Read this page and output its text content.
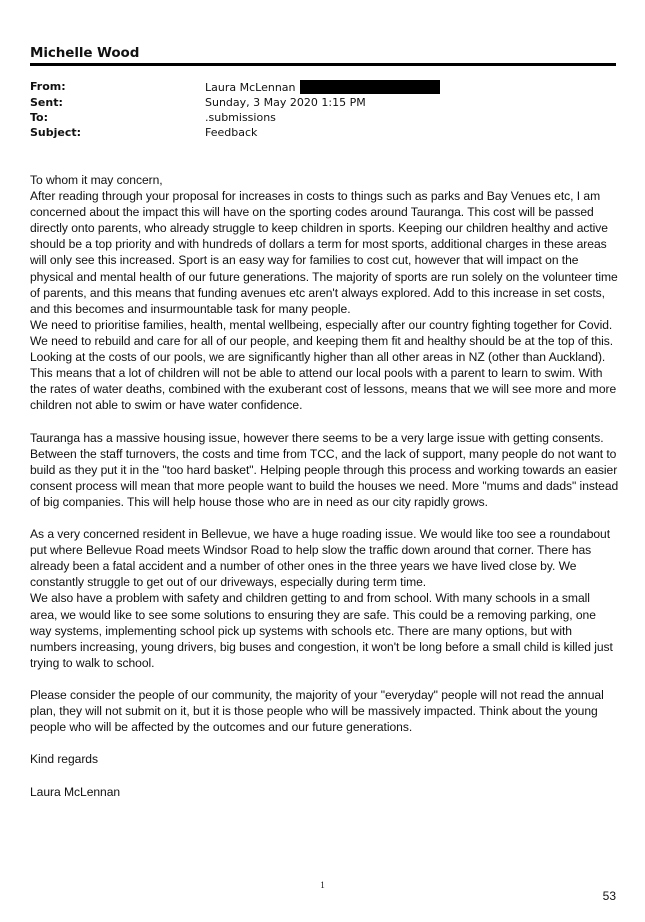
Michelle Wood
From:	Laura McLennan
Sent:	Sunday, 3 May 2020 1:15 PM
To:	.submissions
Subject:	Feedback

To whom it may concern,

After reading through your proposal for increases in costs to things such as parks and Bay Venues etc, I am concerned about the impact this will have on the sporting codes around Tauranga. This cost will be passed directly onto parents, who already struggle to keep children in sports. Keeping our children healthy and active should be a top priority and with hundreds of dollars a term for most sports, additional charges in these areas will only see this increased. Sport is an easy way for families to cost cut, however that will impact on the physical and mental health of our future generations. The majority of sports are run solely on the volunteer time of parents, and this means that funding avenues etc aren't always explored. Add to this increase in set costs, and this becomes and insurmountable task for many people.

We need to prioritise families, health, mental wellbeing, especially after our country fighting together for Covid. We need to rebuild and care for all of our people, and keeping them fit and healthy should be at the top of this.

Looking at the costs of our pools, we are significantly higher than all other areas in NZ (other than Auckland). This means that a lot of children will not be able to attend our local pools with a parent to learn to swim. With the rates of water deaths, combined with the exuberant cost of lessons, means that we will see more and more children not able to swim or have water confidence.

Tauranga has a massive housing issue, however there seems to be a very large issue with getting consents. Between the staff turnovers, the costs and time from TCC, and the lack of support, many people do not want to build as they put it in the "too hard basket". Helping people through this process and working towards an easier consent process will mean that more people want to build the houses we need. More "mums and dads" instead of big companies. This will help house those who are in need as our city rapidly grows.

As a very concerned resident in Bellevue, we have a huge roading issue. We would like too see a roundabout put where Bellevue Road meets Windsor Road to help slow the traffic down around that corner. There has already been a fatal accident and a number of other ones in the three years we have lived close by. We constantly struggle to get out of our driveways, especially during term time.

We also have a problem with safety and children getting to and from school. With many schools in a small area, we would like to see some solutions to ensuring they are safe. This could be a removing parking, one way systems, implementing school pick up systems with schools etc. There are many options, but with numbers increasing, young drivers, big buses and congestion, it won't be long before a small child is killed just trying to walk to school.

Please consider the people of our community, the majority of your "everyday" people will not read the annual plan, they will not submit on it, but it is those people who will be massively impacted. Think about the young people who will be affected by the outcomes and our future generations.

Kind regards

Laura McLennan

1
53
